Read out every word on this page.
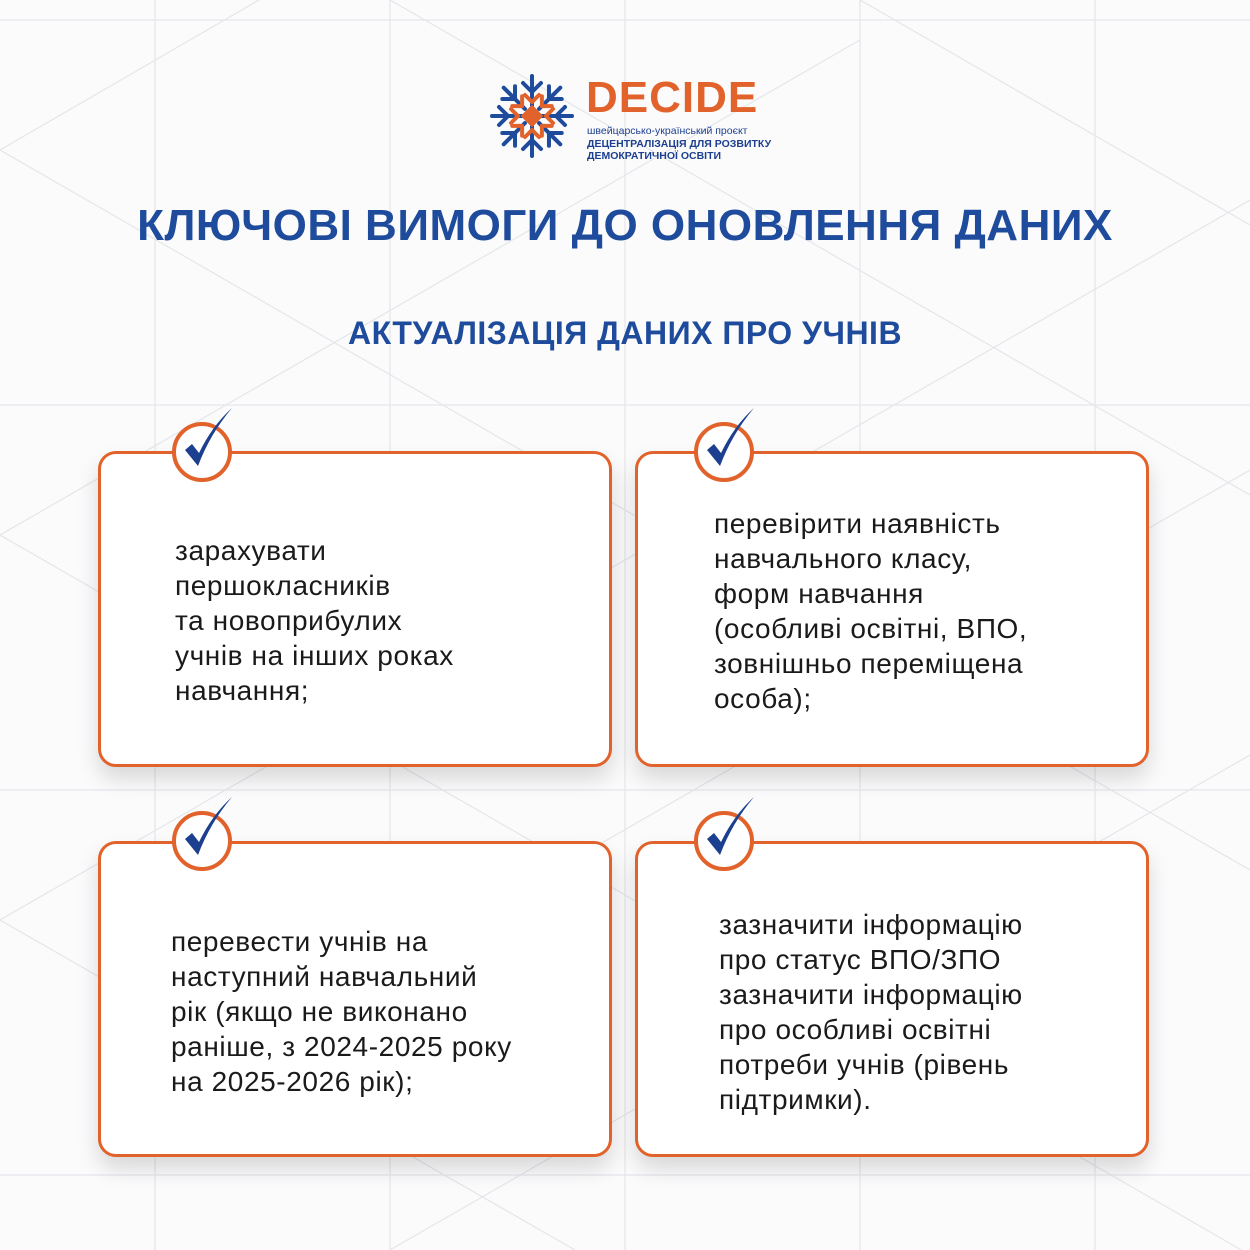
DECIDE
швейцарсько-український проєкт
ДЕЦЕНТРАЛІЗАЦІЯ ДЛЯ РОЗВИТКУ
ДЕМОКРАТИЧНОЇ ОСВІТИ
КЛЮЧОВІ ВИМОГИ ДО ОНОВЛЕННЯ ДАНИХ
АКТУАЛІЗАЦІЯ ДАНИХ ПРО УЧНІВ

зарахувати
першокласників
та новоприбулих
учнів на інших роках
навчання;

перевірити наявність
навчального класу,
форм навчання
(особливі освітні, ВПО,
зовнішньо переміщена
особа);

перевести учнів на
наступний навчальний
рік (якщо не виконано
раніше, з 2024-2025 року
на 2025-2026 рік);

зазначити інформацію
про статус ВПО/ЗПО
зазначити інформацію
про особливі освітні
потреби учнів (рівень
підтримки).
